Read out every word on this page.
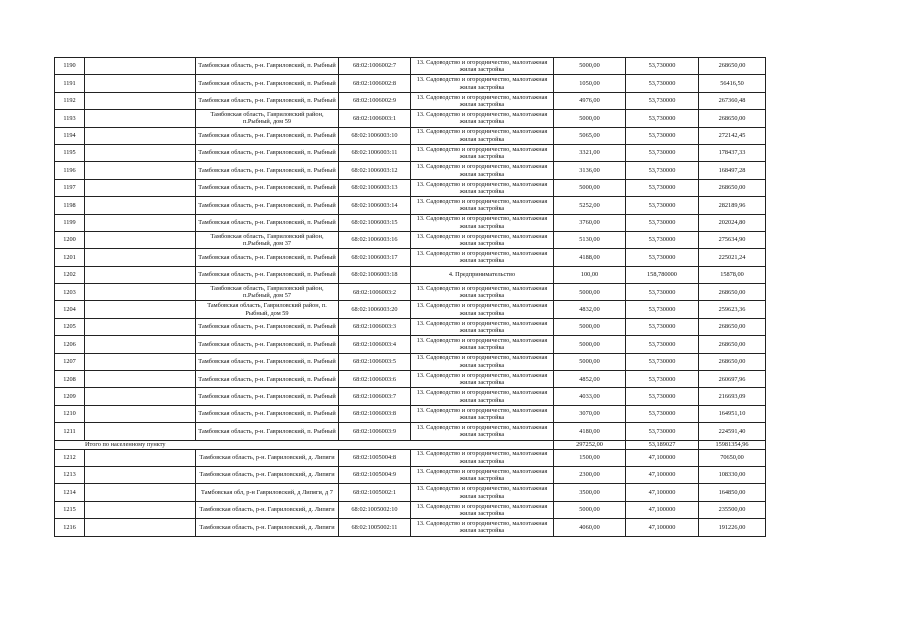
1190		Тамбовская область, р-н. Гавриловский, п. Рыбный	68:02:1006002:7	13. Садоводство и огородничество, малоэтажная жилая застройка	5000,00	53,730000	268650,00
1191		Тамбовская область, р-н. Гавриловский, п. Рыбный	68:02:1006002:8	13. Садоводство и огородничество, малоэтажная жилая застройка	1050,00	53,730000	56416,50
1192		Тамбовская область, р-н. Гавриловский, п. Рыбный	68:02:1006002:9	13. Садоводство и огородничество, малоэтажная жилая застройка	4976,00	53,730000	267360,48
1193		Тамбовская область, Гавриловский район, п.Рыбный, дом 59	68:02:1006003:1	13. Садоводство и огородничество, малоэтажная жилая застройка	5000,00	53,730000	268650,00
1194		Тамбовская область, р-н. Гавриловский, п. Рыбный	68:02:1006003:10	13. Садоводство и огородничество, малоэтажная жилая застройка	5065,00	53,730000	272142,45
1195		Тамбовская область, р-н. Гавриловский, п. Рыбный	68:02:1006003:11	13. Садоводство и огородничество, малоэтажная жилая застройка	3321,00	53,730000	178437,33
1196		Тамбовская область, р-н. Гавриловский, п. Рыбный	68:02:1006003:12	13. Садоводство и огородничество, малоэтажная жилая застройка	3136,00	53,730000	168497,28
1197		Тамбовская область, р-н. Гавриловский, п. Рыбный	68:02:1006003:13	13. Садоводство и огородничество, малоэтажная жилая застройка	5000,00	53,730000	268650,00
1198		Тамбовская область, р-н. Гавриловский, п. Рыбный	68:02:1006003:14	13. Садоводство и огородничество, малоэтажная жилая застройка	5252,00	53,730000	282189,96
1199		Тамбовская область, р-н. Гавриловский, п. Рыбный	68:02:1006003:15	13. Садоводство и огородничество, малоэтажная жилая застройка	3760,00	53,730000	202024,80
1200		Тамбовская область, Гавриловский район, п.Рыбный, дом 37	68:02:1006003:16	13. Садоводство и огородничество, малоэтажная жилая застройка	5130,00	53,730000	275634,90
1201		Тамбовская область, р-н. Гавриловский, п. Рыбный	68:02:1006003:17	13. Садоводство и огородничество, малоэтажная жилая застройка	4188,00	53,730000	225021,24
1202		Тамбовская область, р-н. Гавриловский, п. Рыбный	68:02:1006003:18	4. Предпринимательство	100,00	158,780000	15878,00
1203		Тамбовская область, Гавриловский район, п.Рыбный, дом 57	68:02:1006003:2	13. Садоводство и огородничество, малоэтажная жилая застройка	5000,00	53,730000	268650,00
1204		Тамбовская область, Гавриловский район, п. Рыбный, дом 59	68:02:1006003:20	13. Садоводство и огородничество, малоэтажная жилая застройка	4832,00	53,730000	259623,36
1205		Тамбовская область, р-н. Гавриловский, п. Рыбный	68:02:1006003:3	13. Садоводство и огородничество, малоэтажная жилая застройка	5000,00	53,730000	268650,00
1206		Тамбовская область, р-н. Гавриловский, п. Рыбный	68:02:1006003:4	13. Садоводство и огородничество, малоэтажная жилая застройка	5000,00	53,730000	268650,00
1207		Тамбовская область, р-н. Гавриловский, п. Рыбный	68:02:1006003:5	13. Садоводство и огородничество, малоэтажная жилая застройка	5000,00	53,730000	268650,00
1208		Тамбовская область, р-н. Гавриловский, п. Рыбный	68:02:1006003:6	13. Садоводство и огородничество, малоэтажная жилая застройка	4852,00	53,730000	260697,96
1209		Тамбовская область, р-н. Гавриловский, п. Рыбный	68:02:1006003:7	13. Садоводство и огородничество, малоэтажная жилая застройка	4033,00	53,730000	216693,09
1210		Тамбовская область, р-н. Гавриловский, п. Рыбный	68:02:1006003:8	13. Садоводство и огородничество, малоэтажная жилая застройка	3070,00	53,730000	164951,10
1211		Тамбовская область, р-н. Гавриловский, п. Рыбный	68:02:1006003:9	13. Садоводство и огородничество, малоэтажная жилая застройка	4180,00	53,730000	224591,40
Итого по населенному пункту					297252,00	53,189027	15981354,96
1212		Тамбовская область, р-н. Гавриловский, д. Липяги	68:02:1005004:8	13. Садоводство и огородничество, малоэтажная жилая застройка	1500,00	47,100000	70650,00
1213		Тамбовская область, р-н. Гавриловский, д. Липяги	68:02:1005004:9	13. Садоводство и огородничество, малоэтажная жилая застройка	2300,00	47,100000	108330,00
1214		Тамбовская обл, р-н Гавриловский, д Липяги, д 7	68:02:1005002:1	13. Садоводство и огородничество, малоэтажная жилая застройка	3500,00	47,100000	164850,00
1215		Тамбовская область, р-н. Гавриловский, д. Липяги	68:02:1005002:10	13. Садоводство и огородничество, малоэтажная жилая застройка	5000,00	47,100000	235500,00
1216		Тамбовская область, р-н. Гавриловский, д. Липяги	68:02:1005002:11	13. Садоводство и огородничество, малоэтажная жилая застройка	4060,00	47,100000	191226,00
